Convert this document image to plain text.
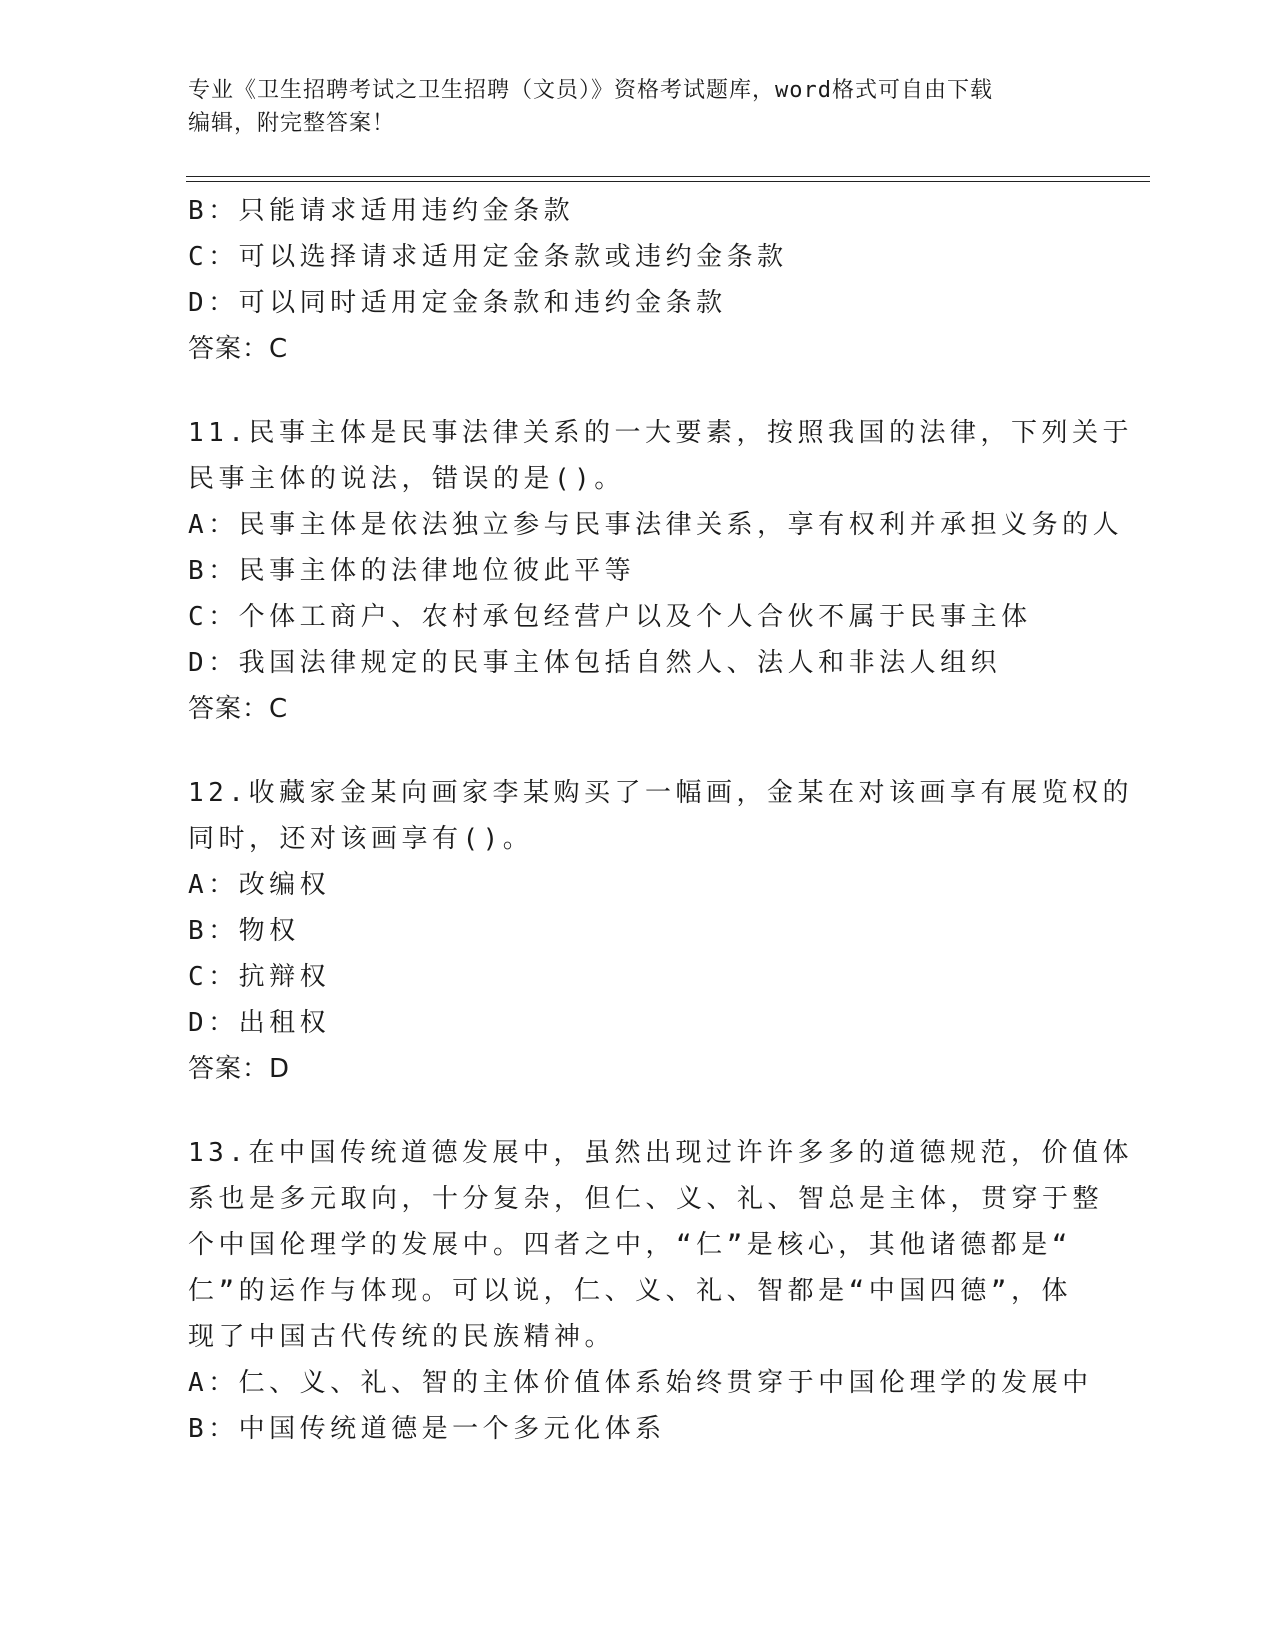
专业《卫生招聘考试之卫生招聘（文员）》资格考试题库，word格式可自由下载
编辑，附完整答案！
B：只能请求适用违约金条款
C：可以选择请求适用定金条款或违约金条款
D：可以同时适用定金条款和违约金条款
答案：C
11.民事主体是民事法律关系的一大要素，按照我国的法律，下列关于
民事主体的说法，错误的是()。
A：民事主体是依法独立参与民事法律关系，享有权利并承担义务的人
B：民事主体的法律地位彼此平等
C：个体工商户、农村承包经营户以及个人合伙不属于民事主体
D：我国法律规定的民事主体包括自然人、法人和非法人组织
答案：C
12.收藏家金某向画家李某购买了一幅画，金某在对该画享有展览权的
同时，还对该画享有()。
A：改编权
B：物权
C：抗辩权
D：出租权
答案：D
13.在中国传统道德发展中，虽然出现过许许多多的道德规范，价值体
系也是多元取向，十分复杂，但仁、义、礼、智总是主体，贯穿于整
个中国伦理学的发展中。四者之中，“仁”是核心，其他诸德都是“
仁”的运作与体现。可以说，仁、义、礼、智都是“中国四德”，体
现了中国古代传统的民族精神。
A：仁、义、礼、智的主体价值体系始终贯穿于中国伦理学的发展中
B：中国传统道德是一个多元化体系
